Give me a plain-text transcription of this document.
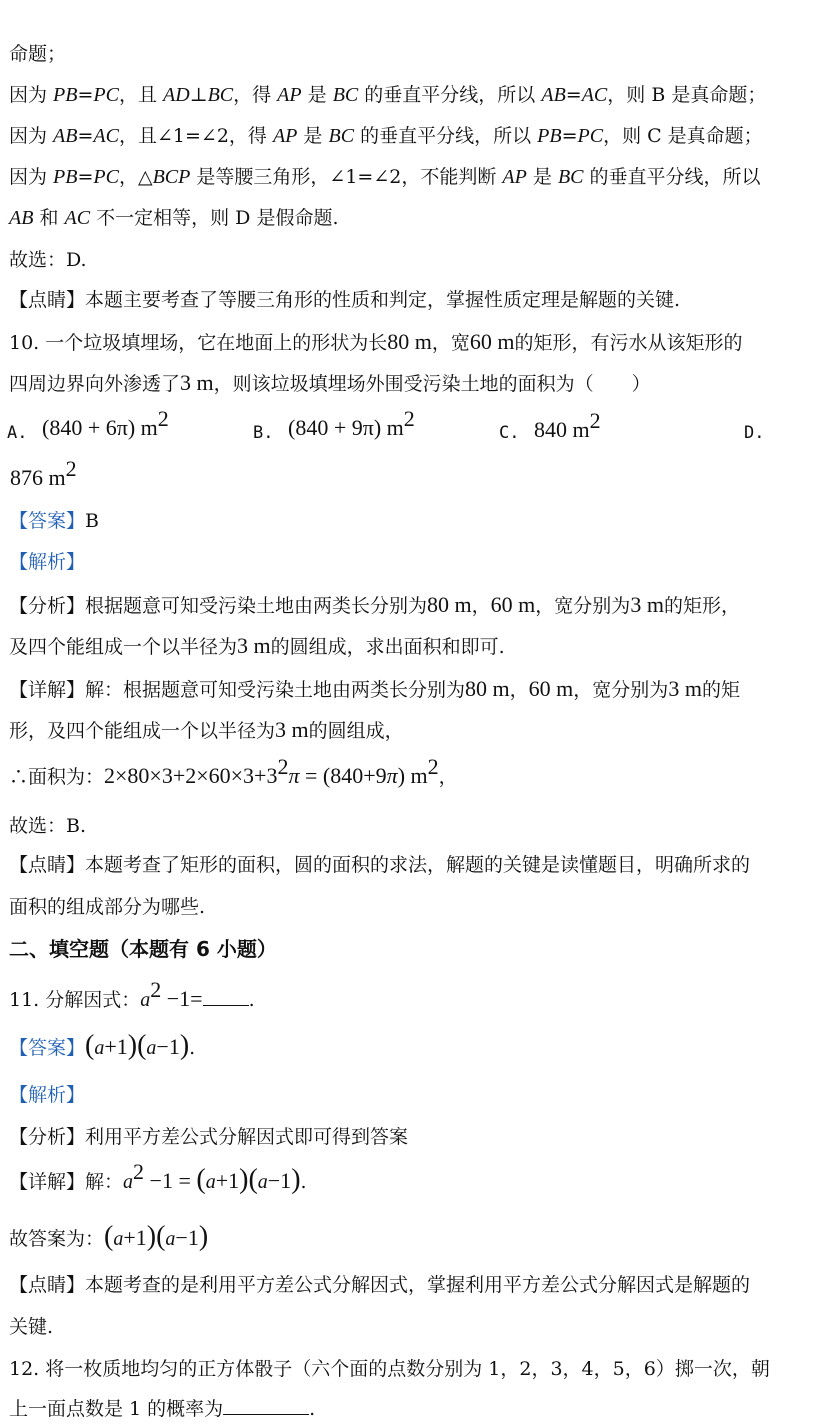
命题；
因为 PB=PC，且 AD⊥BC，得 AP 是 BC 的垂直平分线，所以 AB=AC，则 B 是真命题；
因为 AB=AC，且∠1=∠2，得 AP 是 BC 的垂直平分线，所以 PB=PC，则 C 是真命题；
因为 PB=PC，△BCP 是等腰三角形，∠1=∠2，不能判断 AP 是 BC 的垂直平分线，所以
AB 和 AC 不一定相等，则 D 是假命题.
故选：D.
【点睛】本题主要考查了等腰三角形的性质和判定，掌握性质定理是解题的关键.
10. 一个垃圾填埋场，它在地面上的形状为长80 m，宽60 m的矩形，有污水从该矩形的
四周边界向外渗透了3 m，则该垃圾填埋场外围受污染土地的面积为（　　）
A. (840 + 6π) $m^2$
B. (840 + 9π) $m^2$
C. 840 $m^2$	D.
876 $m^2$
【答案】B
【解析】
【分析】根据题意可知受污染土地由两类长分别为80 m，60 m，宽分别为3 m的矩形，
及四个能组成一个以半径为3 m的圆组成，求出面积和即可.
【详解】解：根据题意可知受污染土地由两类长分别为80 m，60 m，宽分别为3 m的矩
形，及四个能组成一个以半径为3 m的圆组成，
∴面积为：$2\times 80\times 3+2\times 60\times 3+3^2\pi = (840+9\pi)$ $m^2$，
故选：B.
【点睛】本题考查了矩形的面积，圆的面积的求法，解题的关键是读懂题目，明确所求的
面积的组成部分为哪些.
二、填空题（本题有 6 小题）
11. 分解因式：$a^2 -1=$ .
【答案】(a+1)(a−1).
【解析】
【分析】利用平方差公式分解因式即可得到答案
【详解】解：$a^2 -1 = (a+1)(a-1)$.
故答案为：(a+1)(a−1)
【点睛】本题考查的是利用平方差公式分解因式，掌握利用平方差公式分解因式是解题的
关键.
12. 将一枚质地均匀的正方体骰子（六个面的点数分别为 1，2，3，4，5，6）掷一次，朝
上一面点数是 1 的概率为	.
